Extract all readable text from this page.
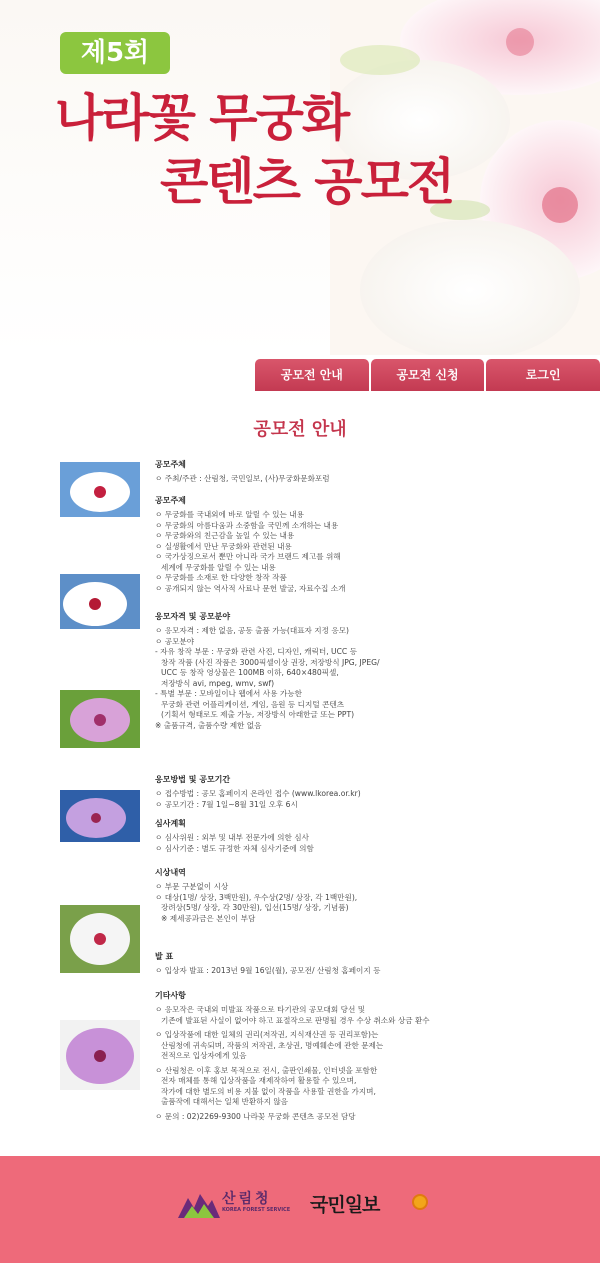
제5회
나라꽃 무궁화
콘텐츠 공모전
공모전 안내	공모전 신청	로그인
공모전 안내
공모주체
ㅇ 주최/주관 : 산림청, 국민일보, (사)무궁화문화포럼
공모주제
ㅇ 무궁화를 국내외에 바로 알릴 수 있는 내용
ㅇ 무궁화의 아름다움과 소중함을 국민께 소개하는 내용
ㅇ 무궁화와의 친근감을 높일 수 있는 내용
ㅇ 실생활에서 만난 무궁화와 관련된 내용
ㅇ 국가상징으로서 뿐만 아니라 국가 브랜드 제고를 위해
세계에 무궁화를 알릴 수 있는 내용
ㅇ 무궁화를 소재로 한 다양한 창작 작품
ㅇ 공개되지 않는 역사적 사료나 문헌 발굴, 자료수집 소개
응모자격 및 공모분야
ㅇ 응모자격 : 제한 없음, 공동 출품 가능(대표자 지정 응모)
ㅇ 공모분야
- 자유 창작 부문 : 무궁화 관련 사진, 디자인, 캐릭터, UCC 등
창작 작품 (사진 작품은 3000픽셀이상 권장, 저장방식 JPG, JPEG/
UCC 등 창작 영상물은 100MB 이하, 640×480픽셀,
저장방식 avi, mpeg, wmv, swf)
- 특별 부문 : 모바일이나 웹에서 사용 가능한
무궁화 관련 어플리케이션, 게임, 음원 등 디지털 콘텐츠
(기획서 형태로도 제출 가능, 저장방식 아래한글 또는 PPT)
※ 출품규격, 출품수량 제한 없음
응모방법 및 공모기간
ㅇ 접수방법 : 공모 홈페이지 온라인 접수 (www.lkorea.or.kr)
ㅇ 공모기간 : 7월 1일~8월 31일 오후 6시
심사계획
ㅇ 심사위원 : 외부 및 내부 전문가에 의한 심사
ㅇ 심사기준 : 별도 규정한 자체 심사기준에 의함
시상내역
ㅇ 부문 구분없이 시상
ㅇ 대상(1명/ 상장, 3백만원), 우수상(2명/ 상장, 각 1백만원),
장려상(5명/ 상장, 각 30만원), 입선(15명/ 상장, 기념품)
※ 제세공과금은 본인이 부담
발 표
ㅇ 입상자 발표 : 2013년 9월 16일(월), 공모전/ 산림청 홈페이지 등
기타사항
ㅇ 응모작은 국내외 미발표 작품으로 타기관의 공모대회 당선 및
기존에 발표된 사실이 없어야 하고 표절작으로 판명될 경우 수상 취소와 상금 환수
ㅇ 입상작품에 대한 일체의 권리(저작권, 지식재산권 등 권리포함)는
산림청에 귀속되며, 작품의 저작권, 초상권, 명예훼손에 관한 문제는
전적으로 입상자에게 있음
ㅇ 산림청은 이후 홍보 목적으로 전시, 출판인쇄물, 인터넷을 포함한
전자 매체를 통해 입상작품을 재제작하여 활용할 수 있으며,
작가에 대한 별도의 비용 지불 없이 작품을 사용할 권한을 가지며,
출품작에 대해서는 일체 반환하지 않음
ㅇ 문의 : 02)2269-9300 나라꽃 무궁화 콘텐츠 공모전 담당
산림청
KOREA FOREST SERVICE 국민일보
